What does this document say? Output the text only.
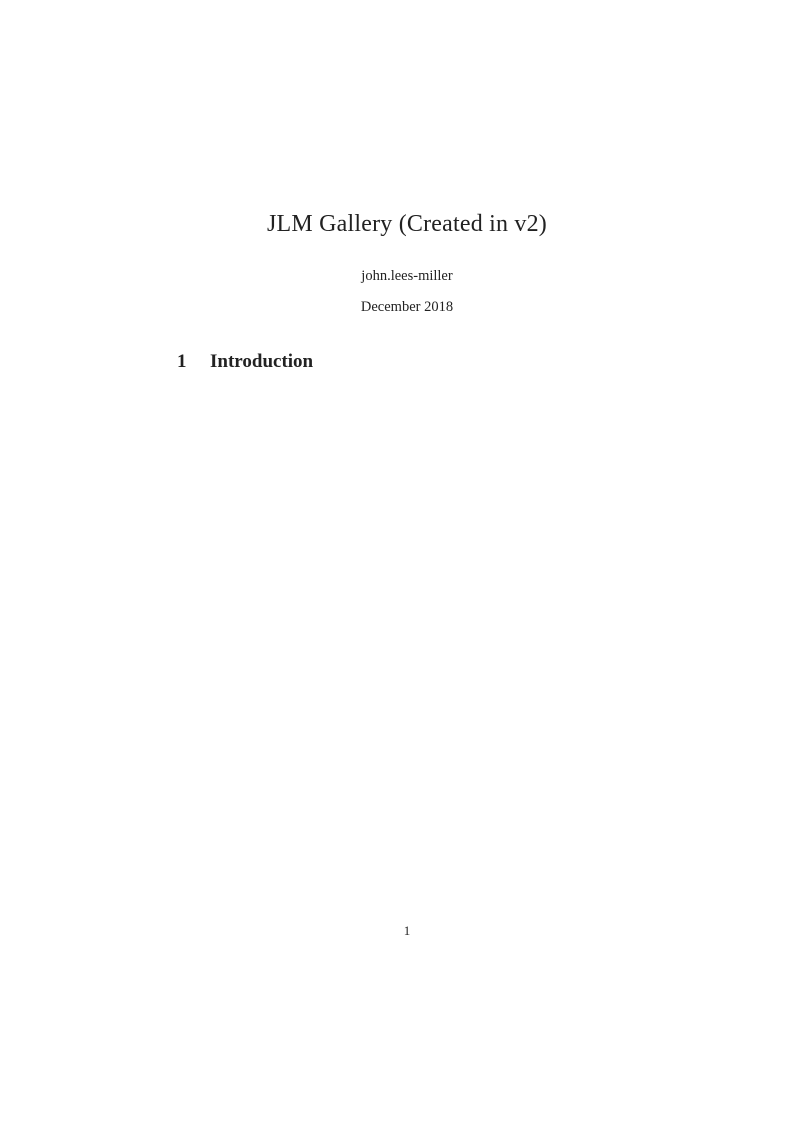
JLM Gallery (Created in v2)
john.lees-miller
December 2018
1 Introduction
1
